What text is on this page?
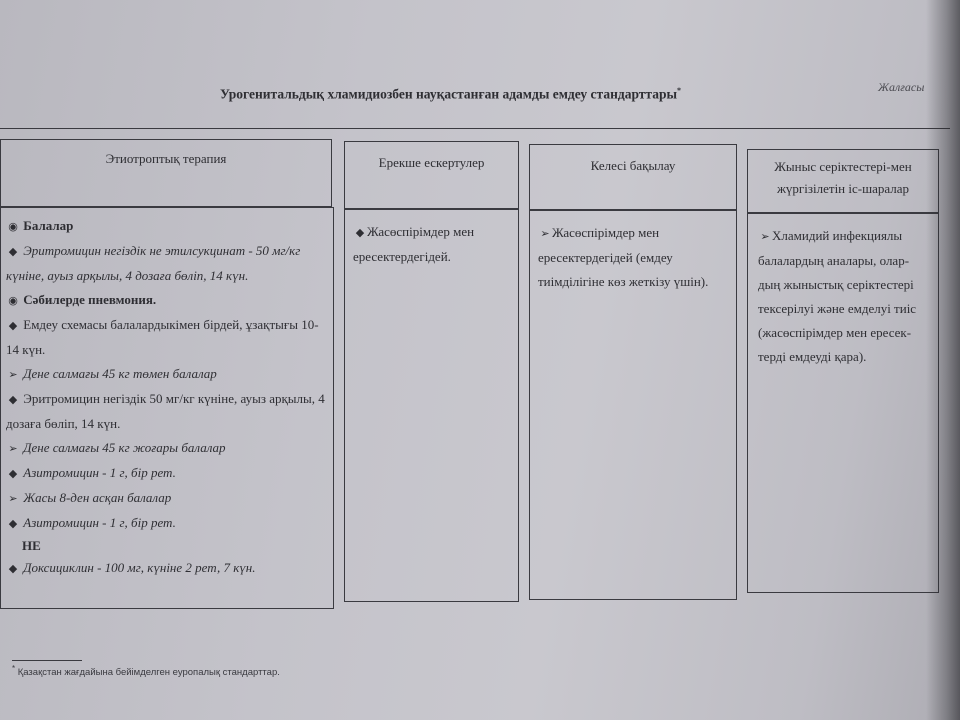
Жалғасы
Урогенитальдық хламидиозбен науқастанған адамды емдеу стандарттары*
Этиотроптық терапия
◉ Балалар
◆ Эритромицин негіздік не этилсукцинат - 50 мг/кг күніне, ауыз арқылы, 4 дозаға бөліп, 14 күн.
◉ Сәбилерде пневмония.
◆ Емдеу схемасы балалардыкімен бірдей, ұзақтығы 10-14 күн.
➢ Дене салмағы 45 кг төмен балалар
◆ Эритромицин негіздік 50 мг/кг күніне, ауыз арқылы, 4 дозаға бөліп, 14 күн.
➢ Дене салмағы 45 кг жоғары балалар
◆ Азитромицин - 1 г, бір рет.
➢ Жасы 8-ден асқан балалар
◆ Азитромицин - 1 г, бір рет.
НЕ
◆ Доксициклин - 100 мг, күніне 2 рет, 7 күн.
Ерекше ескертулер
◆ Жасөспірімдер мен ересектердегідей.
Келесі бақылау
➢ Жасөспірімдер мен ересектердегідей (емдеу тиімділігіне көз жеткізу үшін).
Жыныс серіктестері-мен жүргізілетін іс-шаралар
➢ Хламидий инфекциялы балалардың аналары, олар-дың жыныстық серіктестері тексерілуі және емделуі тиіс (жасөспірімдер мен ересек-терді емдеуді қара).
* Қазақстан жағдайына бейімделген еуропалық стандарттар.
